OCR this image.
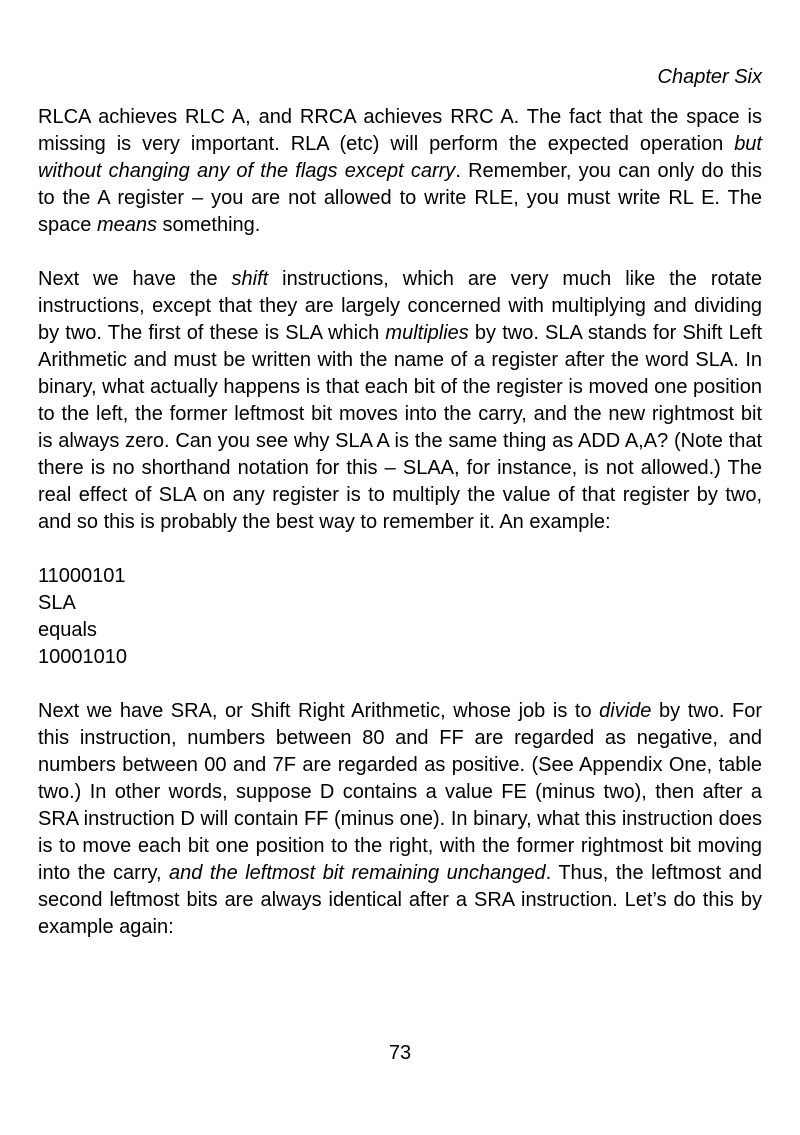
Chapter Six

RLCA achieves RLC A, and RRCA achieves RRC A. The fact that the space is missing is very important. RLA (etc) will perform the expected operation but without changing any of the flags except carry. Remember, you can only do this to the A register – you are not allowed to write RLE, you must write RL E. The space means something.

Next we have the shift instructions, which are very much like the rotate instructions, except that they are largely concerned with multiplying and dividing by two. The first of these is SLA which multiplies by two. SLA stands for Shift Left Arithmetic and must be written with the name of a register after the word SLA. In binary, what actually happens is that each bit of the register is moved one position to the left, the former leftmost bit moves into the carry, and the new rightmost bit is always zero. Can you see why SLA A is the same thing as ADD A,A? (Note that there is no shorthand notation for this – SLAA, for instance, is not allowed.) The real effect of SLA on any register is to multiply the value of that register by two, and so this is probably the best way to remember it. An example:

11000101
SLA
equals
10001010

Next we have SRA, or Shift Right Arithmetic, whose job is to divide by two. For this instruction, numbers between 80 and FF are regarded as negative, and numbers between 00 and 7F are regarded as positive. (See Appendix One, table two.) In other words, suppose D contains a value FE (minus two), then after a SRA instruction D will contain FF (minus one). In binary, what this instruction does is to move each bit one position to the right, with the former rightmost bit moving into the carry, and the leftmost bit remaining unchanged. Thus, the leftmost and second leftmost bits are always identical after a SRA instruction. Let’s do this by example again:

73
